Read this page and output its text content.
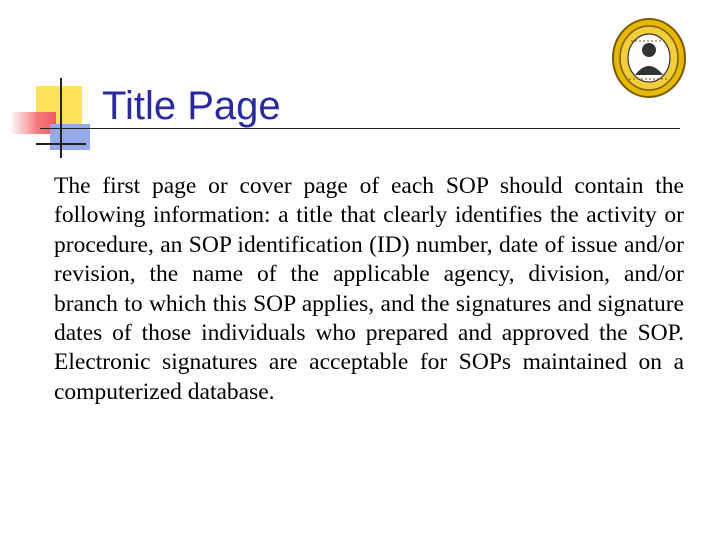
Title Page

The first page or cover page of each SOP should contain the following information: a title that clearly identifies the activity or procedure, an SOP identification (ID) number, date of issue and/or revision, the name of the applicable agency, division, and/or branch to which this SOP applies, and the signatures and signature dates of those individuals who prepared and approved the SOP. Electronic signatures are acceptable for SOPs maintained on a computerized database.
